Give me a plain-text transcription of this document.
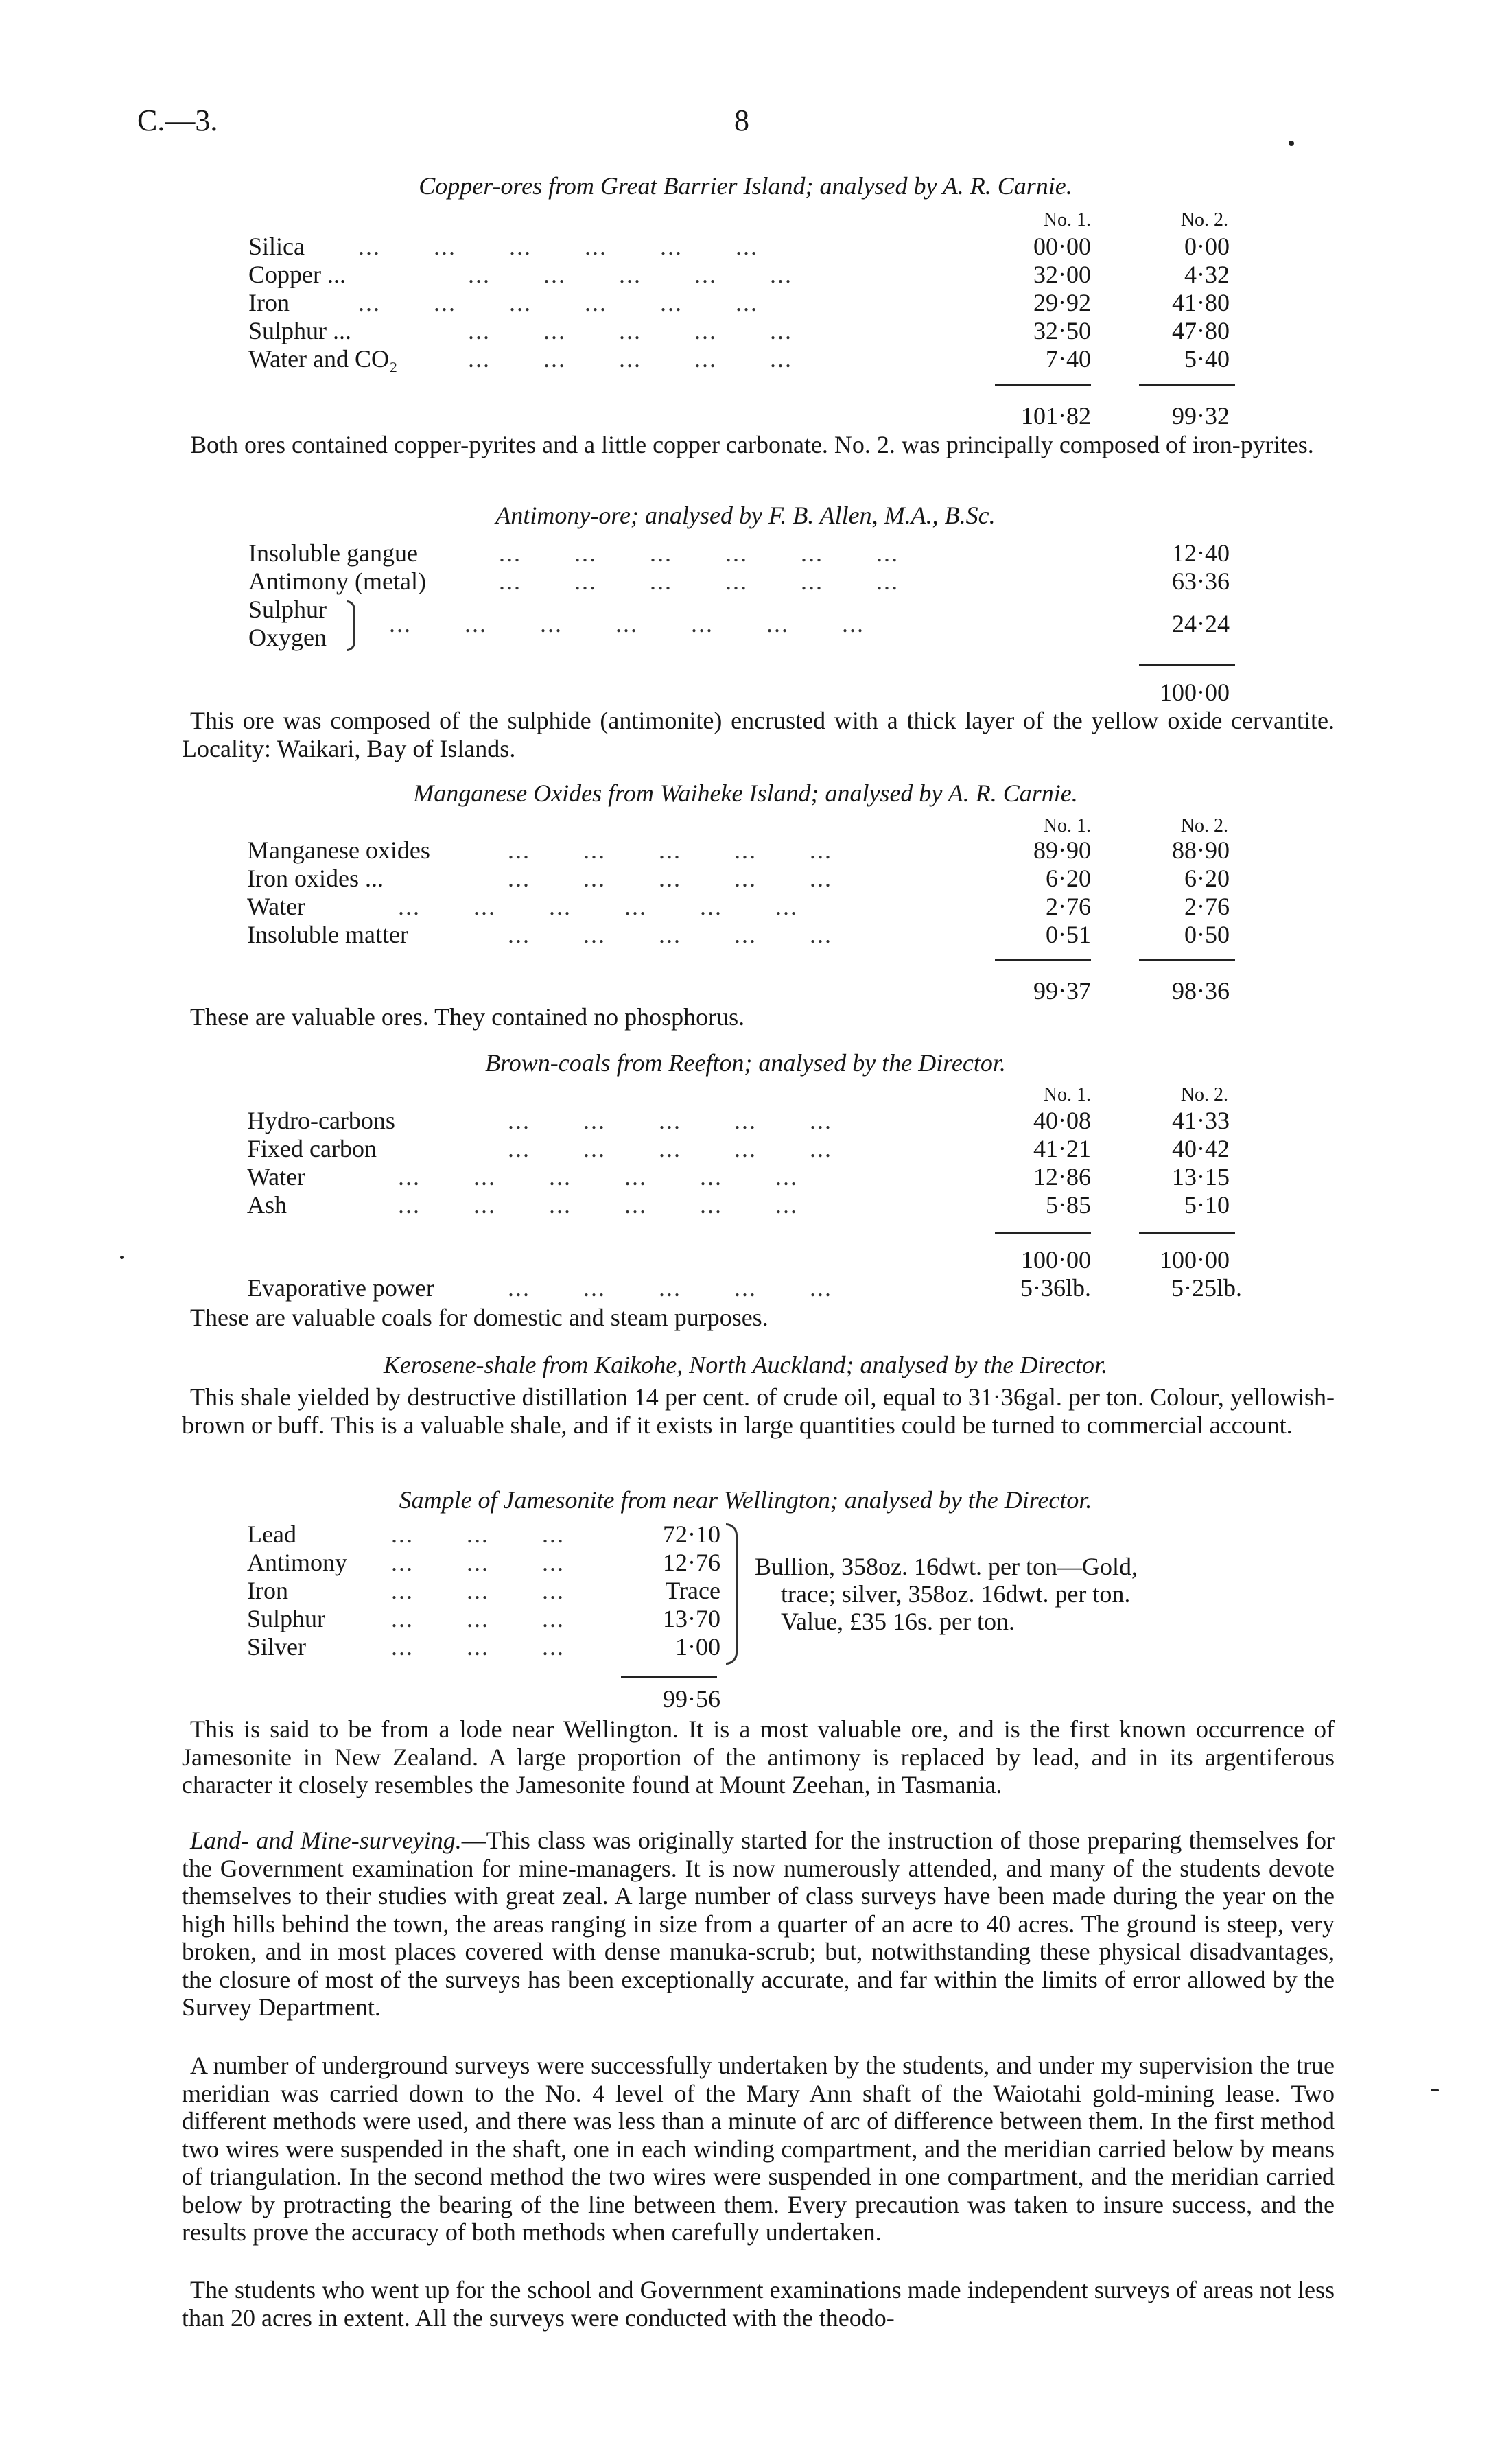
C.—3.	8
Copper-ores from Great Barrier Island; analysed by A. R. Carnie.
No. 1.	No. 2.
Silica ...       ...       ...       ...       ...       ...	00·00	0·00
Copper ...	...       ...       ...       ...       ...	32·00	4·32
Iron	...       ...       ...       ...       ...       ...	29·92	41·80
Sulphur ...	...       ...       ...       ...       ...	32·50	47·80
Water and CO₂	...       ...       ...       ...       ...	7·40	5·40
101·82	99·32
Both ores contained copper-pyrites and a little copper carbonate. No. 2. was principally composed of iron-pyrites.
Antimony-ore; analysed by F. B. Allen, M.A., B.Sc.
Insoluble gangue	...       ...       ...       ...       ...       ...	12·40
Antimony (metal)	...       ...       ...       ...       ...       ...	63·36
Sulphur
Oxygen	...       ...       ...       ...       ...       ...       ...	24·24
100·00
This ore was composed of the sulphide (antimonite) encrusted with a thick layer of the yellow oxide cervantite. Locality: Waikari, Bay of Islands.
Manganese Oxides from Waiheke Island; analysed by A. R. Carnie.
No. 1.	No. 2.
Manganese oxides	...       ...       ...       ...       ...	89·90	88·90
Iron oxides ...	...       ...       ...       ...       ...	6·20	6·20
Water	...       ...       ...       ...       ...       ...	2·76	2·76
Insoluble matter	...       ...       ...       ...       ...	0·51	0·50
99·37	98·36
These are valuable ores. They contained no phosphorus.
Brown-coals from Reefton; analysed by the Director.
No. 1.	No. 2.
Hydro-carbons	...       ...       ...       ...       ...	40·08	41·33
Fixed carbon	...       ...       ...       ...       ...	41·21	40·42
Water	...       ...       ...       ...       ...       ...	12·86	13·15
Ash	...       ...       ...       ...       ...       ...	5·85	5·10
100·00	100·00
Evaporative power	...       ...       ...       ...       ...	5·36lb.	5·25lb.
These are valuable coals for domestic and steam purposes.
Kerosene-shale from Kaikohe, North Auckland; analysed by the Director.
This shale yielded by destructive distillation 14 per cent. of crude oil, equal to 31·36gal. per ton. Colour, yellowish-brown or buff. This is a valuable shale, and if it exists in large quantities could be turned to commercial account.
Sample of Jamesonite from near Wellington; analysed by the Director.
Lead	...       ...       ...	72·10
Antimony ...       ...       ...	12·76
Iron	...       ...       ...	Trace
Sulphur	...       ...       ...	13·70
Silver	...       ...       ...	1·00
Bullion, 358oz. 16dwt. per ton—Gold,
trace; silver, 358oz. 16dwt. per ton.
Value, £35 16s. per ton.
99·56
This is said to be from a lode near Wellington. It is a most valuable ore, and is the first known occurrence of Jamesonite in New Zealand. A large proportion of the antimony is replaced by lead, and in its argentiferous character it closely resembles the Jamesonite found at Mount Zeehan, in Tasmania.
Land- and Mine-surveying.—This class was originally started for the instruction of those preparing themselves for the Government examination for mine-managers. It is now numerously attended, and many of the students devote themselves to their studies with great zeal. A large number of class surveys have been made during the year on the high hills behind the town, the areas ranging in size from a quarter of an acre to 40 acres. The ground is steep, very broken, and in most places covered with dense manuka-scrub; but, notwithstanding these physical disadvantages, the closure of most of the surveys has been exceptionally accurate, and far within the limits of error allowed by the Survey Department.
A number of underground surveys were successfully undertaken by the students, and under my supervision the true meridian was carried down to the No. 4 level of the Mary Ann shaft of the Waiotahi gold-mining lease. Two different methods were used, and there was less than a minute of arc of difference between them. In the first method two wires were suspended in the shaft, one in each winding compartment, and the meridian carried below by means of triangulation. In the second method the two wires were suspended in one compartment, and the meridian carried below by protracting the bearing of the line between them. Every precaution was taken to insure success, and the results prove the accuracy of both methods when carefully undertaken.
The students who went up for the school and Government examinations made independent surveys of areas not less than 20 acres in extent. All the surveys were conducted with the theodo-
